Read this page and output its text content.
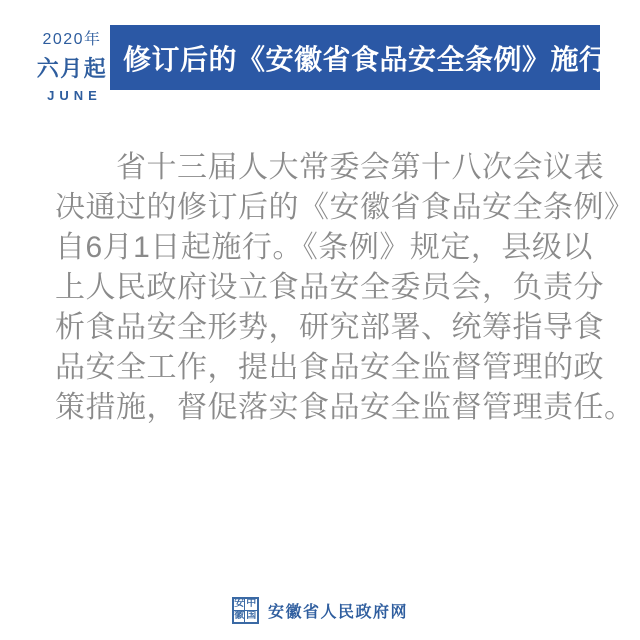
2020年
六月起
JUNE
修订后的《安徽省食品安全条例》施行
省十三届人大常委会第十八次会议表
决通过的修订后的《安徽省食品安全条例》
自6月1日起施行。《条例》规定，县级以
上人民政府设立食品安全委员会，负责分
析食品安全形势，研究部署、统筹指导食
品安全工作，提出食品安全监督管理的政
策措施，督促落实食品安全监督管理责任。
安 中
徽 国 安徽省人民政府网
